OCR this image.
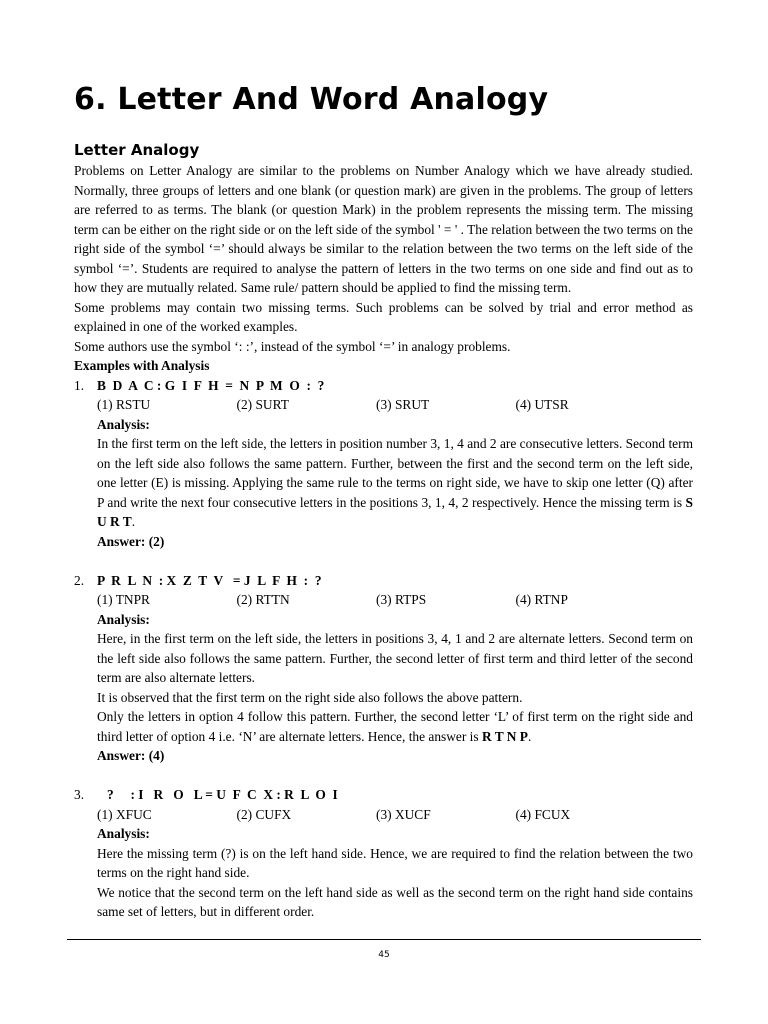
6. Letter And Word Analogy
Letter Analogy

Problems on Letter Analogy are similar to the problems on Number Analogy which we have already studied. Normally, three groups of letters and one blank (or question mark) are given in the problems. The group of letters are referred to as terms. The blank (or question Mark) in the problem represents the missing term. The missing term can be either on the right side or on the left side of the symbol ' = ' . The relation between the two terms on the right side of the symbol ‘=’ should always be similar to the relation between the two terms on the left side of the symbol ‘=’. Students are required to analyse the pattern of letters in the two terms on one side and find out as to how they are mutually related. Same rule/ pattern should be applied to find the missing term.

Some problems may contain two missing terms. Such problems can be solved by trial and error method as explained in one of the worked examples.

Some authors use the symbol ‘: :’, instead of the symbol ‘=’ in analogy problems.

Examples with Analysis

1. B  D  A  C : G  I  F  H  =  N  P  M  O  :  ?
(1) RSTU	(2) SURT	(3) SRUT	(4) UTSR

Analysis:

In the first term on the left side, the letters in position number 3, 1, 4 and 2 are consecutive letters. Second term on the left side also follows the same pattern. Further, between the first and the second term on the left side, one letter (E) is missing. Applying the same rule to the terms on right side, we have to skip one letter (Q) after P and write the next four consecutive letters in the positions 3, 1, 4, 2 respectively. Hence the missing term is S U R T.

Answer: (2)

2. P  R  L  N  : X  Z  T  V   = J  L  F  H  :  ?
(1) TNPR	(2) RTTN	(3) RTPS	(4) RTNP

Analysis:

Here, in the first term on the left side, the letters in positions 3, 4, 1 and 2 are alternate letters. Second term on the left side also follows the same pattern. Further, the second letter of first term and third letter of the second term are also alternate letters.

It is observed that the first term on the right side also follows the above pattern.

Only the letters in option 4 follow this pattern. Further, the second letter ‘L’ of first term on the right side and third letter of option 4 i.e. ‘N’ are alternate letters. Hence, the answer is R T N P.

Answer: (4)

3. ?     : I   R   O   L = U  F  C  X : R  L  O  I
(1) XFUC	(2) CUFX	(3) XUCF	(4) FCUX

Analysis:

Here the missing term (?) is on the left hand side. Hence, we are required to find the relation between the two terms on the right hand side.

We notice that the second term on the left hand side as well as the second term on the right hand side contains same set of letters, but in different order.

45
